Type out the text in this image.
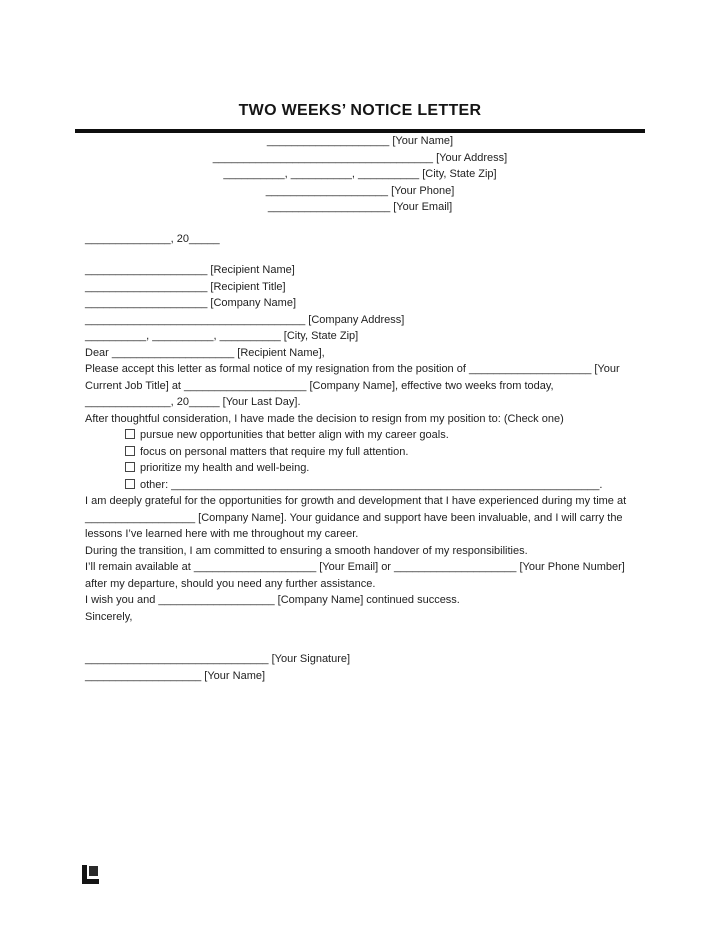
TWO WEEKS’ NOTICE LETTER
____________________ [Your Name]
____________________________________ [Your Address]
__________, __________, __________ [City, State Zip]
____________________ [Your Phone]
____________________ [Your Email]
______________, 20_____
____________________ [Recipient Name]
____________________ [Recipient Title]
____________________ [Company Name]
____________________________________ [Company Address]
__________, __________, __________ [City, State Zip]

Dear ____________________ [Recipient Name],

Please accept this letter as formal notice of my resignation from the position of ____________________ [Your Current Job Title] at ____________________ [Company Name], effective two weeks from today, ______________, 20_____ [Your Last Day].

After thoughtful consideration, I have made the decision to resign from my position to: (Check one)

pursue new opportunities that better align with my career goals.
focus on personal matters that require my full attention.
prioritize my health and well-being.
other: ______________________________________________________________________.

I am deeply grateful for the opportunities for growth and development that I have experienced during my time at __________________ [Company Name]. Your guidance and support have been invaluable, and I will carry the lessons I’ve learned here with me throughout my career.

During the transition, I am committed to ensuring a smooth handover of my responsibilities.

I’ll remain available at ____________________ [Your Email] or ____________________ [Your Phone Number] after my departure, should you need any further assistance.

I wish you and ___________________ [Company Name] continued success.

Sincerely,

______________________________ [Your Signature]
___________________ [Your Name]
